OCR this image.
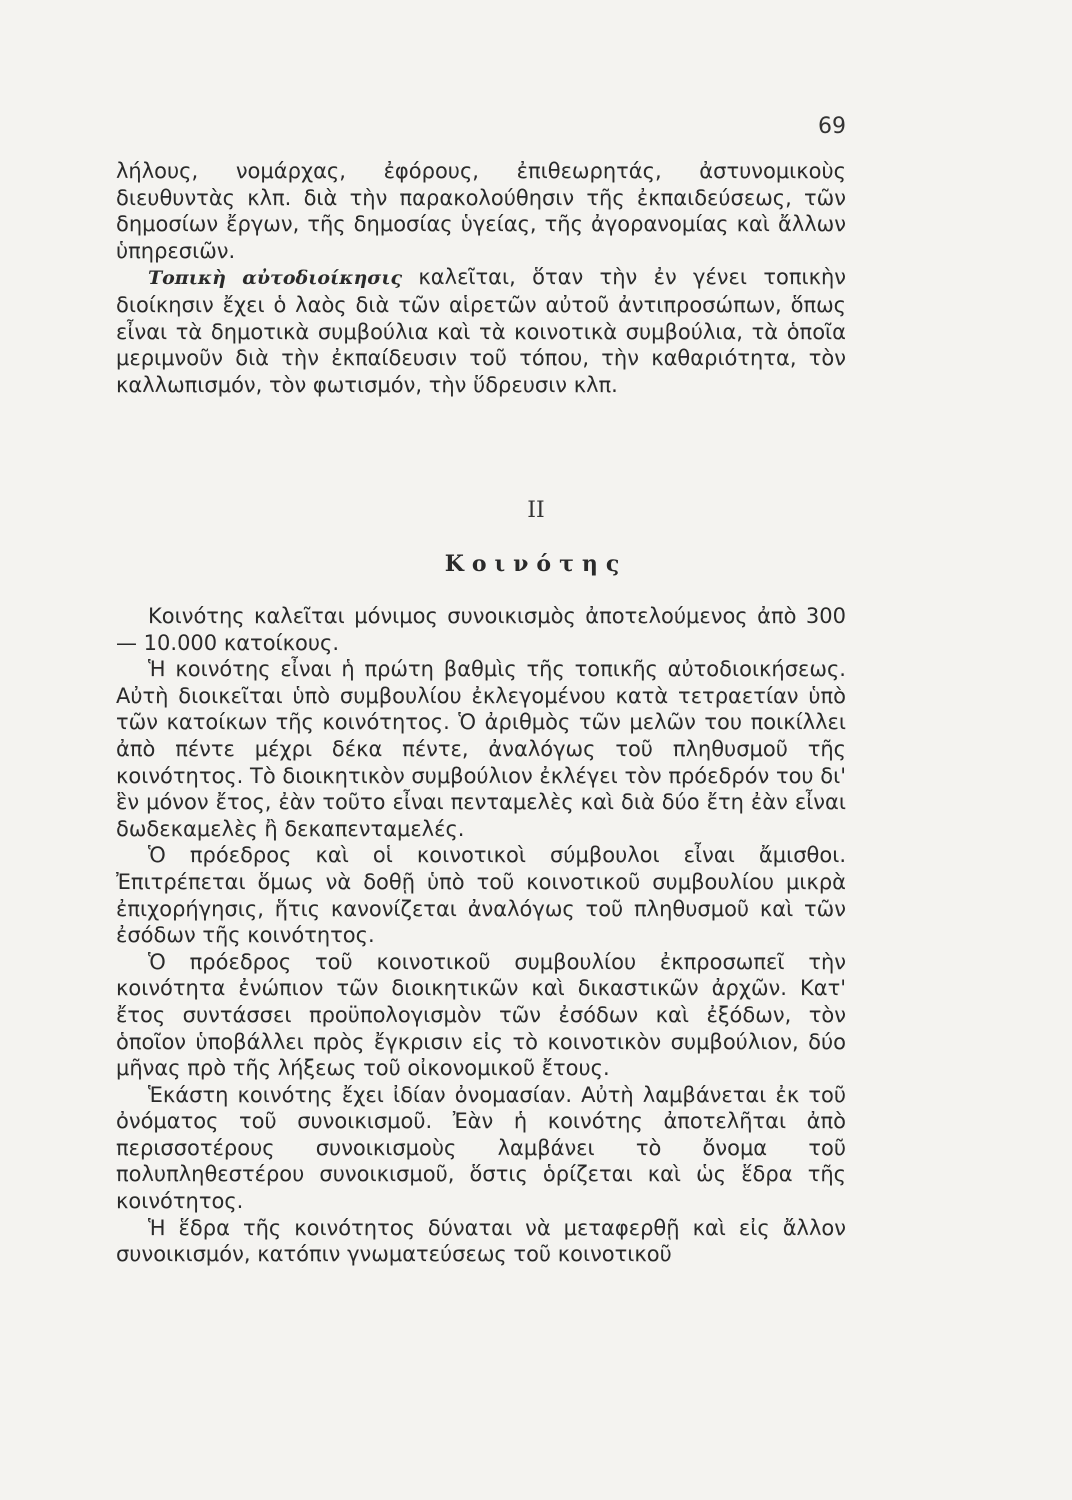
69

λήλους, νομάρχας, ἐφόρους, ἐπιθεωρητάς, ἀστυνομικοὺς διευθυντὰς κλπ. διὰ τὴν παρακολούθησιν τῆς ἐκπαιδεύσεως, τῶν δημοσίων ἔργων, τῆς δημοσίας ὑγείας, τῆς ἀγορανομίας καὶ ἄλλων ὑπηρεσιῶν.

Τοπικὴ αὐτοδιοίκησις καλεῖται, ὅταν τὴν ἐν γένει τοπικὴν διοίκησιν ἔχει ὁ λαὸς διὰ τῶν αἱρετῶν αὐτοῦ ἀντιπροσώπων, ὅπως εἶναι τὰ δημοτικὰ συμβούλια καὶ τὰ κοινοτικὰ συμβούλια, τὰ ὁποῖα μεριμνοῦν διὰ τὴν ἐκπαίδευσιν τοῦ τόπου, τὴν καθαριότητα, τὸν καλλωπισμόν, τὸν φωτισμόν, τὴν ὕδρευσιν κλπ.

ΙΙ
Κοινότης

Κοινότης καλεῖται μόνιμος συνοικισμὸς ἀποτελούμενος ἀπὸ 300 — 10.000 κατοίκους.

Ἡ κοινότης εἶναι ἡ πρώτη βαθμὶς τῆς τοπικῆς αὐτοδιοικήσεως. Αὐτὴ διοικεῖται ὑπὸ συμβουλίου ἐκλεγομένου κατὰ τετραετίαν ὑπὸ τῶν κατοίκων τῆς κοινότητος. Ὁ ἀριθμὸς τῶν μελῶν του ποικίλλει ἀπὸ πέντε μέχρι δέκα πέντε, ἀναλόγως τοῦ πληθυσμοῦ τῆς κοινότητος. Τὸ διοικητικὸν συμβούλιον ἐκλέγει τὸν πρόεδρόν του δι' ἓν μόνον ἔτος, ἐὰν τοῦτο εἶναι πενταμελὲς καὶ διὰ δύο ἔτη ἐὰν εἶναι δωδεκαμελὲς ἢ δεκαπενταμελές.

Ὁ πρόεδρος καὶ οἱ κοινοτικοὶ σύμβουλοι εἶναι ἄμισθοι. Ἐπιτρέπεται ὅμως νὰ δοθῇ ὑπὸ τοῦ κοινοτικοῦ συμβουλίου μικρὰ ἐπιχορήγησις, ἥτις κανονίζεται ἀναλόγως τοῦ πληθυσμοῦ καὶ τῶν ἐσόδων τῆς κοινότητος.

Ὁ πρόεδρος τοῦ κοινοτικοῦ συμβουλίου ἐκπροσωπεῖ τὴν κοινότητα ἐνώπιον τῶν διοικητικῶν καὶ δικαστικῶν ἀρχῶν. Κατ' ἔτος συντάσσει προϋπολογισμὸν τῶν ἐσόδων καὶ ἐξόδων, τὸν ὁποῖον ὑποβάλλει πρὸς ἔγκρισιν εἰς τὸ κοινοτικὸν συμβούλιον, δύο μῆνας πρὸ τῆς λήξεως τοῦ οἰκονομικοῦ ἔτους.

Ἑκάστη κοινότης ἔχει ἰδίαν ὀνομασίαν. Αὐτὴ λαμβάνεται ἐκ τοῦ ὀνόματος τοῦ συνοικισμοῦ. Ἐὰν ἡ κοινότης ἀποτελῆται ἀπὸ περισσοτέρους συνοικισμοὺς λαμβάνει τὸ ὄνομα τοῦ πολυπληθεστέρου συνοικισμοῦ, ὅστις ὁρίζεται καὶ ὡς ἕδρα τῆς κοινότητος.

Ἡ ἕδρα τῆς κοινότητος δύναται νὰ μεταφερθῇ καὶ εἰς ἄλλον συνοικισμόν, κατόπιν γνωματεύσεως τοῦ κοινοτικοῦ
